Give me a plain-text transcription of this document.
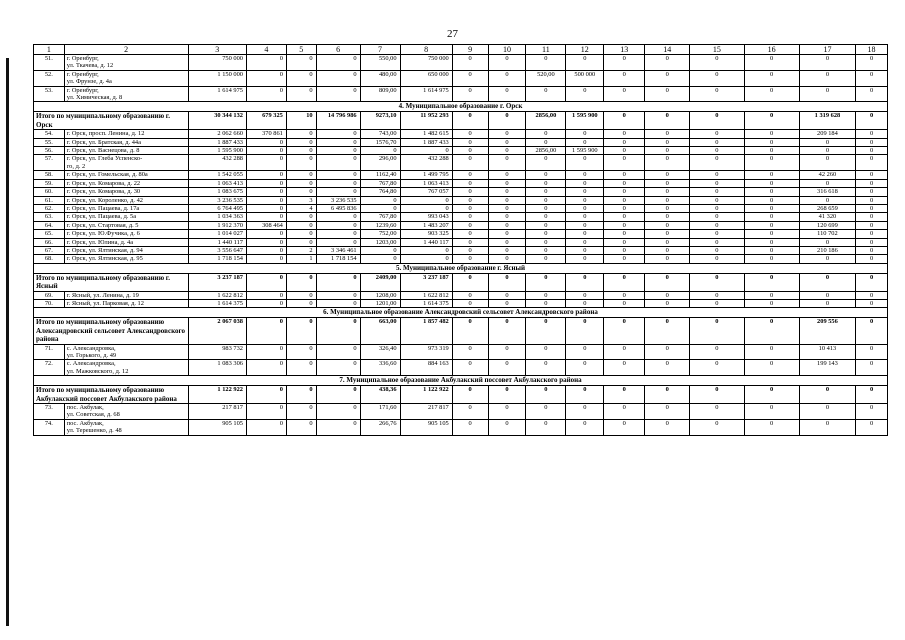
27
1	2	3	4	5	6	7	8	9	10	11	12	13	14	15	16	17	18
51.	г. Оренбург,
ул. Ткачева, д. 12	750 000	0	0	0	550,00	750 000	0	0	0	0	0	0	0	0	0	0
52.	г. Оренбург,
ул. Фрунзе, д. 4а	1 150 000	0	0	0	480,00	650 000	0	0	520,00	500 000	0	0	0	0	0	0
53.	г. Оренбург,
ул. Химическая, д. 8	1 614 975	0	0	0	809,00	1 614 975	0	0	0	0	0	0	0	0	0	0
4. Муниципальное образование г. Орск																	
Итого по муниципальному образованию г. Орск		30 344 132	679 325	10	14 796 986	9273,10	11 952 293	0	0	2856,00	1 595 900	0	0	0	0	1 319 628	0
54.	г. Орск, просп. Ленина, д. 12	2 062 660	370 861	0	0	743,00	1 482 615	0	0	0	0	0	0	0	0	209 184	0
55.	г. Орск, ул. Братская, д. 44а	1 887 433	0	0	0	1576,70	1 887 433	0	0	0	0	0	0	0	0	0	0
56.	г. Орск, ул. Васнецова, д. 8	1 595 900	0	0	0	0	0	0	0	2856,00	1 595 900	0	0	0	0	0	0
57.	г. Орск, ул. Глеба Успенско-
го, д. 2	432 288	0	0	0	296,00	432 288	0	0	0	0	0	0	0	0	0	0
58.	г. Орск, ул. Гомельская, д. 80а	1 542 055	0	0	0	1162,40	1 499 795	0	0	0	0	0	0	0	0	42 260	0
59.	г. Орск, ул. Комарова, д. 22	1 063 413	0	0	0	767,80	1 063 413	0	0	0	0	0	0	0	0	0	0
60.	г. Орск, ул. Комарова, д. 30	1 083 675	0	0	0	764,80	767 057	0	0	0	0	0	0	0	0	316 618	0
61.	г. Орск, ул. Короленко, д. 42	3 236 535	0	3	3 236 535	0	0	0	0	0	0	0	0	0	0	0	0
62.	г. Орск, ул. Пацаева, д. 17а	6 764 495	0	4	6 495 836	0	0	0	0	0	0	0	0	0	0	268 659	0
63.	г. Орск, ул. Пацаева, д. 5а	1 034 363	0	0	0	767,80	993 043	0	0	0	0	0	0	0	0	41 320	0
64.	г. Орск, ул. Стартовая, д. 5	1 912 370	308 464	0	0	1239,60	1 483 207	0	0	0	0	0	0	0	0	120 699	0
65.	г. Орск, ул. Ю.Фучика, д. 6	1 014 027	0	0	0	752,00	903 325	0	0	0	0	0	0	0	0	110 702	0
66.	г. Орск, ул. Юлина, д. 4а	1 440 117	0	0	0	1203,00	1 440 117	0	0	0	0	0	0	0	0	0	0
67.	г. Орск, ул. Ялтинская, д. 94	3 556 647	0	2	3 346 461	0	0	0	0	0	0	0	0	0	0	210 186	0
68.	г. Орск, ул. Ялтинская, д. 95	1 718 154	0	1	1 718 154	0	0	0	0	0	0	0	0	0	0	0	0
5. Муниципальное образование г. Ясный																	
Итого по муниципальному образованию г. Ясный		3 237 187	0	0	0	2409,00	3 237 187	0	0	0	0	0	0	0	0	0	0
69.	г. Ясный, ул. Ленина, д. 19	1 622 812	0	0	0	1208,00	1 622 812	0	0	0	0	0	0	0	0	0	0
70.	г. Ясный, ул. Парковая, д. 12	1 614 375	0	0	0	1201,00	1 614 375	0	0	0	0	0	0	0	0	0	0
6. Муниципальное образование Александровский сельсовет Александровского района																	
Итого по муниципальному образованию Александровский сельсовет Александровского района		2 067 038	0	0	0	663,00	1 857 482	0	0	0	0	0	0	0	0	209 556	0
71.	с. Александровка,
ул. Горького, д. 49	983 732	0	0	0	326,40	973 319	0	0	0	0	0	0	0	0	10 413	0
72.	с. Александровка,
ул. Мажковского, д. 12	1 083 306	0	0	0	336,60	884 163	0	0	0	0	0	0	0	0	199 143	0
7. Муниципальное образование Акбулакский поссовет Акбулакского района																	
Итого по муниципальному образованию Акбулакский поссовет Акбулакского района		1 122 922	0	0	0	438,36	1 122 922	0	0	0	0	0	0	0	0	0	0
73.	пос. Акбулак,
ул. Советская, д. 68	217 817	0	0	0	171,60	217 817	0	0	0	0	0	0	0	0	0	0
74.	пос. Акбулак,
ул. Терешенко, д. 48	905 105	0	0	0	266,76	905 105	0	0	0	0	0	0	0	0	0	0
